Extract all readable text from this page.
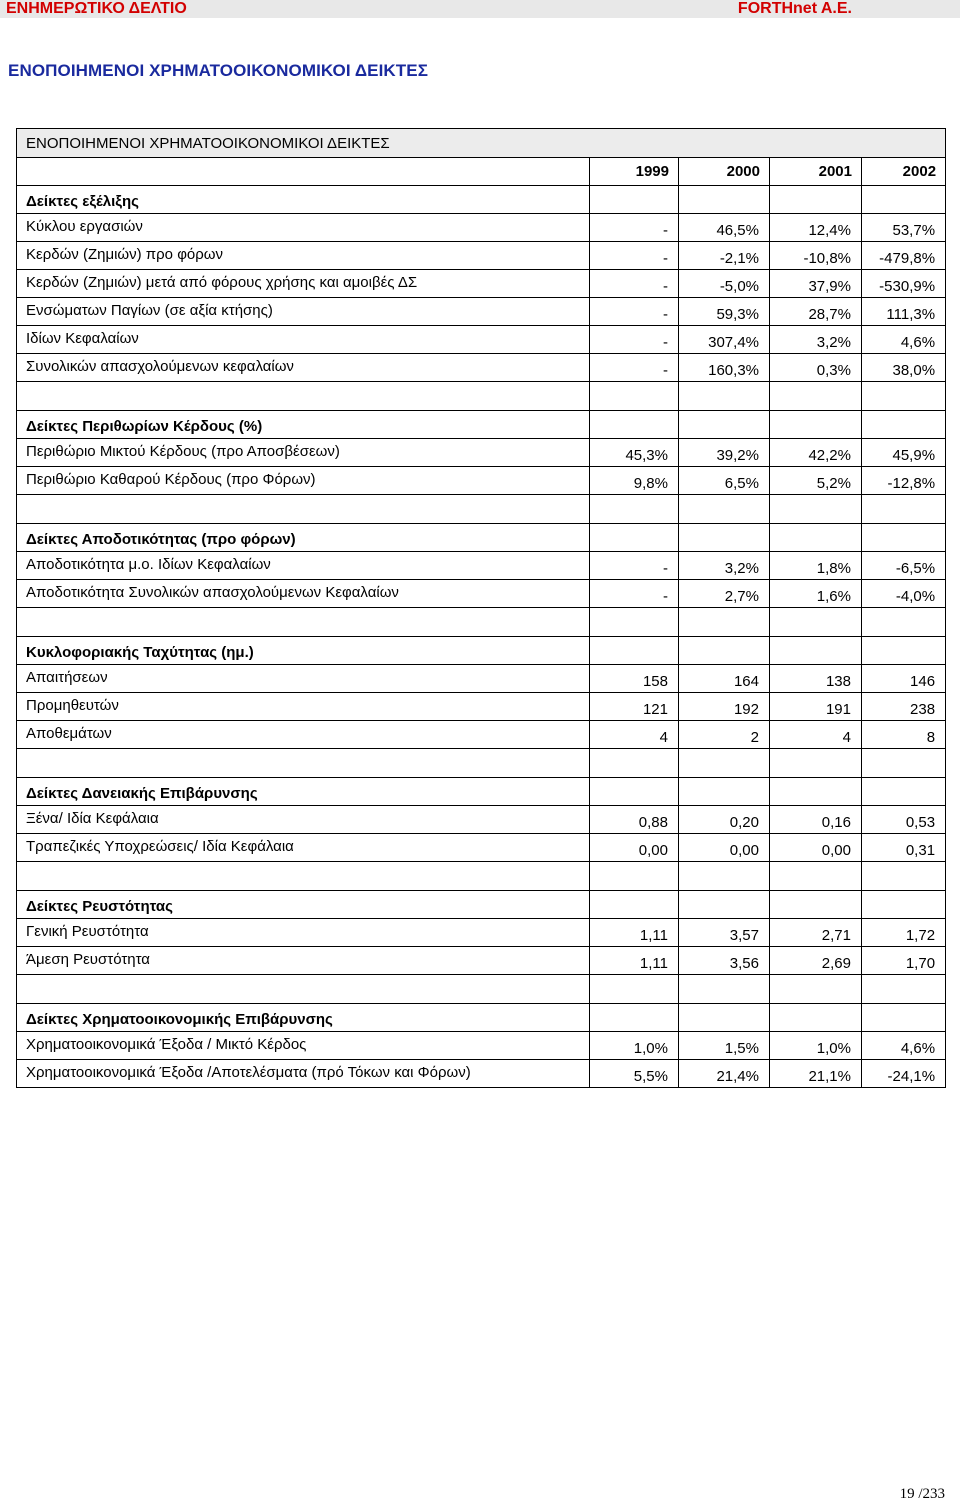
ΕΝΗΜΕΡΩΤΙΚΟ ΔΕΛΤΙΟ	FORTHnet A.E.
ΕΝΟΠΟΙΗΜΕΝΟΙ ΧΡΗΜΑΤΟΟΙΚΟΝΟΜΙΚΟΙ ΔΕΙΚΤΕΣ
ΕΝΟΠΟΙΗΜΕΝΟΙ ΧΡΗΜΑΤΟΟΙΚΟΝΟΜΙΚΟΙ ΔΕΙΚΤΕΣ				
	1999	2000	2001	2002
Δείκτες εξέλιξης				
Κύκλου εργασιών	-	46,5%	12,4%	53,7%
Κερδών (Ζημιών) προ φόρων	-	-2,1%	-10,8%	-479,8%
Κερδών (Ζημιών) μετά από φόρους χρήσης και αμοιβές ΔΣ	-	-5,0%	37,9%	-530,9%
Ενσώματων Παγίων (σε αξία κτήσης)	-	59,3%	28,7%	111,3%
Ιδίων Κεφαλαίων	-	307,4%	3,2%	4,6%
Συνολικών απασχολούμενων κεφαλαίων	-	160,3%	0,3%	38,0%

Δείκτες Περιθωρίων Κέρδους (%)				
Περιθώριο Μικτού Κέρδους (προ Αποσβέσεων)	45,3%	39,2%	42,2%	45,9%
Περιθώριο Καθαρού Κέρδους (προ Φόρων)	9,8%	6,5%	5,2%	-12,8%

Δείκτες Αποδοτικότητας (προ φόρων)				
Αποδοτικότητα μ.ο. Ιδίων Κεφαλαίων	-	3,2%	1,8%	-6,5%
Αποδοτικότητα Συνολικών απασχολούμενων Κεφαλαίων	-	2,7%	1,6%	-4,0%

Κυκλοφοριακής Ταχύτητας (ημ.)				
Απαιτήσεων	158	164	138	146
Προμηθευτών	121	192	191	238
Αποθεμάτων	4	2	4	8

Δείκτες Δανειακής Επιβάρυνσης				
Ξένα/ Ιδία Κεφάλαια	0,88	0,20	0,16	0,53
Τραπεζικές Υποχρεώσεις/ Ιδία Κεφάλαια	0,00	0,00	0,00	0,31

Δείκτες Ρευστότητας				
Γενική Ρευστότητα	1,11	3,57	2,71	1,72
Άμεση Ρευστότητα	1,11	3,56	2,69	1,70

Δείκτες Χρηματοοικονομικής Επιβάρυνσης				
Χρηματοοικονομικά Έξοδα / Μικτό Κέρδος	1,0%	1,5%	1,0%	4,6%
Χρηματοοικονομικά Έξοδα /Αποτελέσματα (πρό Τόκων και Φόρων)	5,5%	21,4%	21,1%	-24,1%
19 /233
